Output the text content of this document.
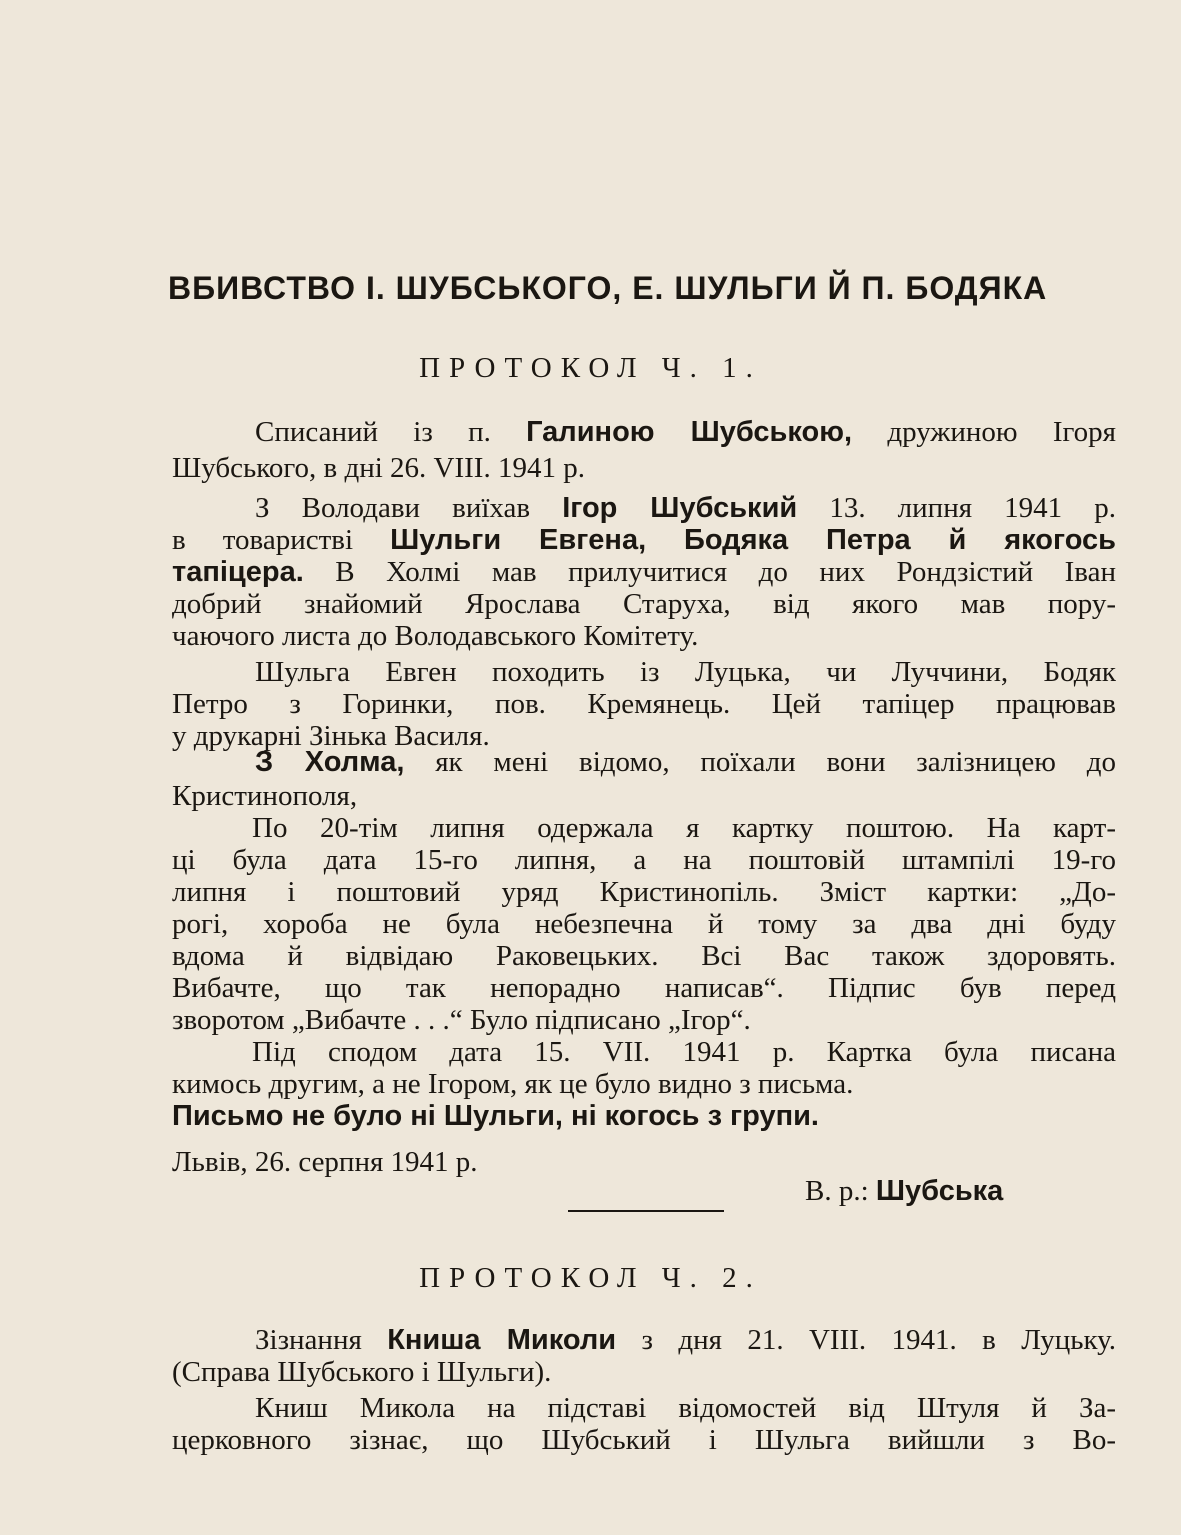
ВБИВСТВО І. ШУБСЬКОГО, Е. ШУЛЬГИ Й П. БОДЯКА
ПРОТОКОЛ Ч. 1.
Списаний із п. Галиною Шубською, дружиною Ігоря
Шубського, в дні 26. VIII. 1941 р.
З Володави виїхав Ігор Шубський 13. липня 1941 р.
в товаристві Шульги Евгена, Бодяка Петра й якогось
тапіцера. В Холмі мав прилучитися до них Рондзістий Іван
добрий знайомий Ярослава Старуха, від якого мав пору-
чаючого листа до Володавського Комітету.
Шульга Евген походить із Луцька, чи Луччини, Бодяк
Петро з Горинки, пов. Кремянець. Цей тапіцер працював
у друкарні Зінька Василя.
З Холма, як мені відомо, поїхали вони залізницею до
Кристинополя,
По 20-тім липня одержала я картку поштою. На карт-
ці була дата 15-го липня, а на поштовій штампілі 19-го
липня і поштовий уряд Кристинопіль. Зміст картки: „До-
рогі, хороба не була небезпечна й тому за два дні буду
вдома й відвідаю Раковецьких. Всі Вас також здоровять.
Вибачте, що так непорадно написав“. Підпис був перед
зворотом „Вибачте . . .“ Було підписано „Ігор“.
Під сподом дата 15. VII. 1941 р. Картка була писана
кимось другим, а не Ігором, як це було видно з письма.
Письмо не було ні Шульги, ні когось з групи.
Львів, 26. серпня 1941 р.
В. р.: Шубська
ПРОТОКОЛ Ч. 2.
Зізнання Книша Миколи з дня 21. VIII. 1941. в Луцьку.
(Справа Шубського і Шульги).
Книш Микола на підставі відомостей від Штуля й За-
церковного зізнає, що Шубський і Шульга вийшли з Во-
